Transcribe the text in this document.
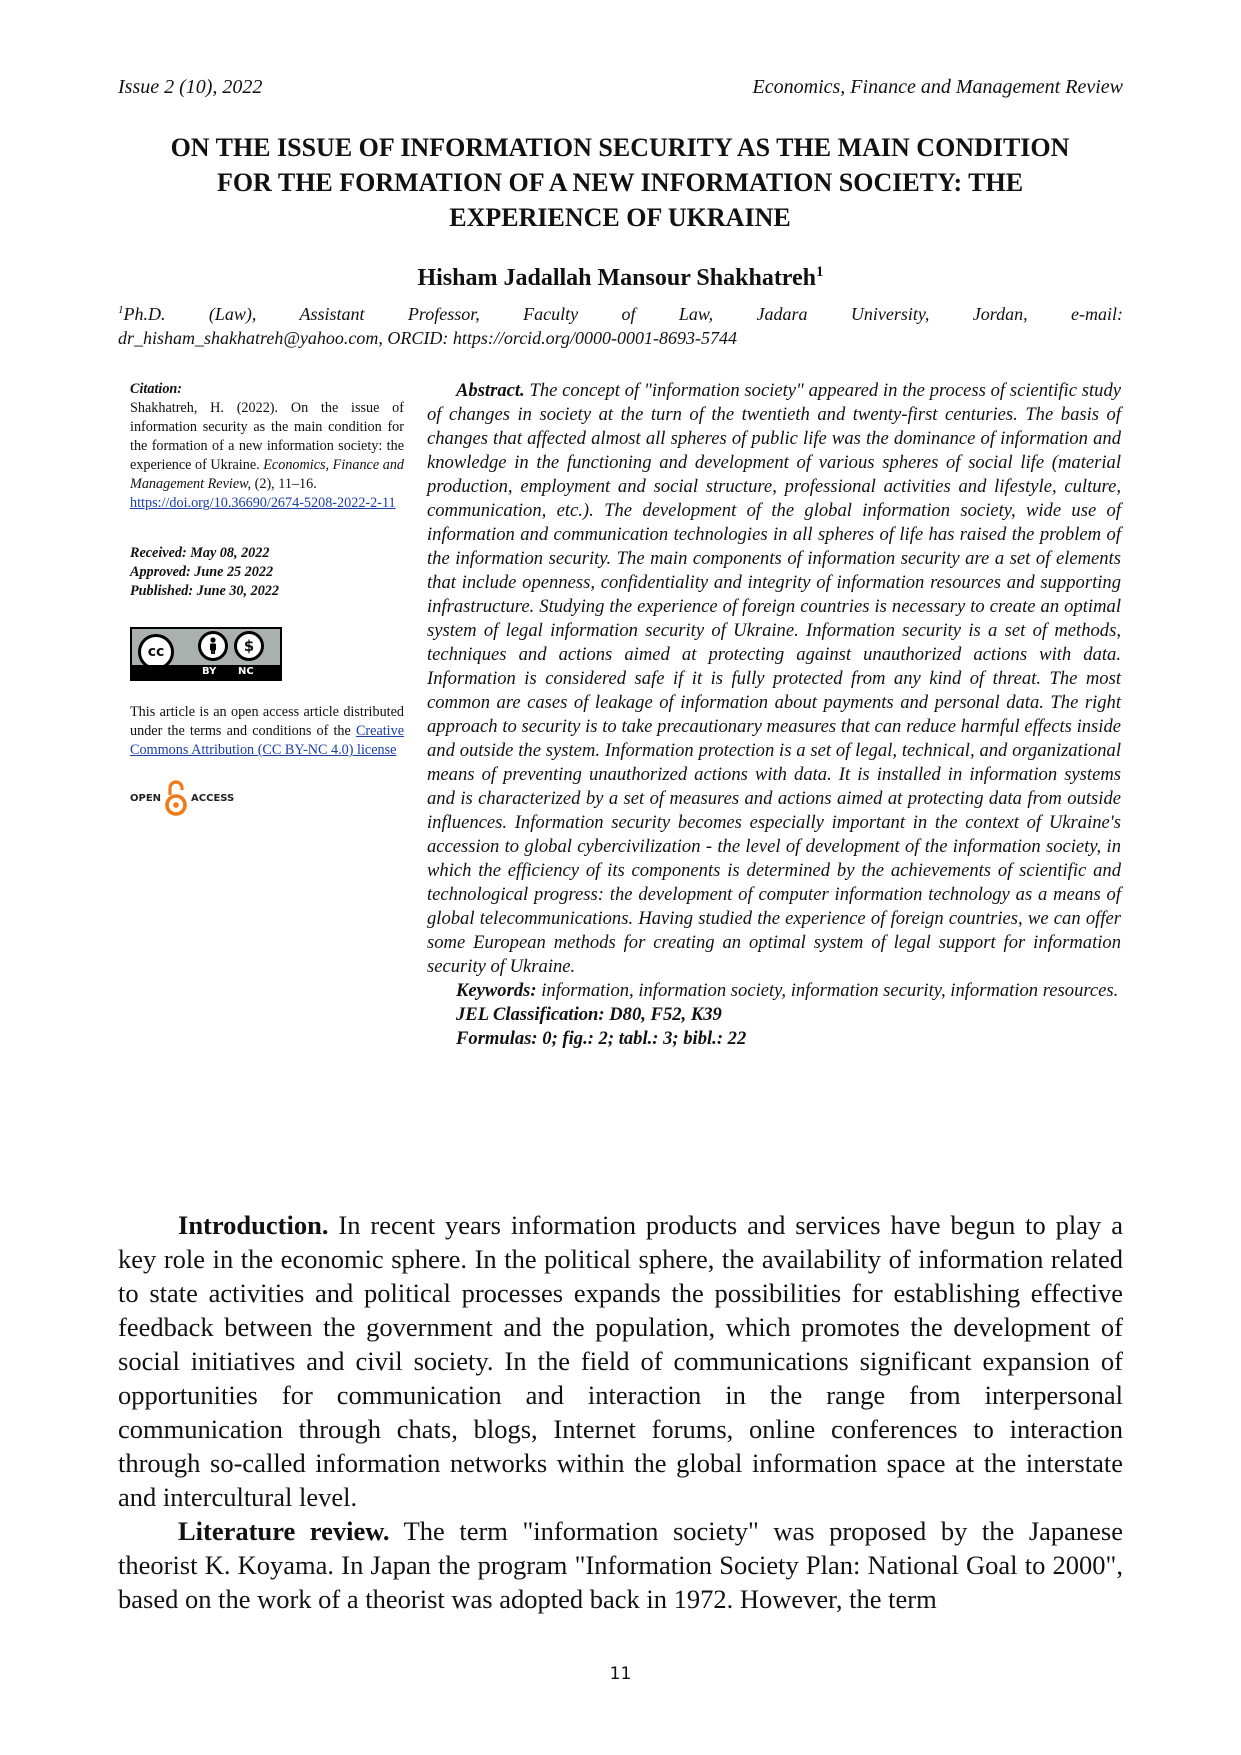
Issue 2 (10), 2022	Economics, Finance and Management Review
ON THE ISSUE OF INFORMATION SECURITY AS THE MAIN CONDITION FOR THE FORMATION OF A NEW INFORMATION SOCIETY: THE EXPERIENCE OF UKRAINE
Hisham Jadallah Mansour Shakhatreh$^1$
$^1$Ph.D. (Law), Assistant Professor, Faculty of Law, Jadara University, Jordan, e-mail:
dr_hisham_shakhatreh@yahoo.com, ORCID: https://orcid.org/0000-0001-8693-5744
Citation:
Shakhatreh, H. (2022). On the issue of information security as the main condition for the formation of a new information society: the experience of Ukraine. Economics, Finance and Management Review, (2), 11–16.
https://doi.org/10.36690/2674-5208-2022-2-11
Received: May 08, 2022
Approved: June 25 2022
Published: June 30, 2022
cc	$
BY NC
This article is an open access article distributed under the terms and conditions of the Creative Commons Attribution (CC BY-NC 4.0) license
OPEN	ACCESS

Abstract. The concept of "information society" appeared in the process of scientific study of changes in society at the turn of the twentieth and twenty-first centuries. The basis of changes that affected almost all spheres of public life was the dominance of information and knowledge in the functioning and development of various spheres of social life (material production, employment and social structure, professional activities and lifestyle, culture, communication, etc.). The development of the global information society, wide use of information and communication technologies in all spheres of life has raised the problem of the information security. The main components of information security are a set of elements that include openness, confidentiality and integrity of information resources and supporting infrastructure. Studying the experience of foreign countries is necessary to create an optimal system of legal information security of Ukraine. Information security is a set of methods, techniques and actions aimed at protecting against unauthorized actions with data. Information is considered safe if it is fully protected from any kind of threat. The most common are cases of leakage of information about payments and personal data. The right approach to security is to take precautionary measures that can reduce harmful effects inside and outside the system. Information protection is a set of legal, technical, and organizational means of preventing unauthorized actions with data. It is installed in information systems and is characterized by a set of measures and actions aimed at protecting data from outside influences. Information security becomes especially important in the context of Ukraine's accession to global cybercivilization - the level of development of the information society, in which the efficiency of its components is determined by the achievements of scientific and technological progress: the development of computer information technology as a means of global telecommunications. Having studied the experience of foreign countries, we can offer some European methods for creating an optimal system of legal support for information security of Ukraine.

Keywords: information, information society, information security, information resources.

JEL Classification: D80, F52, K39
Formulas: 0; fig.: 2; tabl.: 3; bibl.: 22

Introduction. In recent years information products and services have begun to play a key role in the economic sphere. In the political sphere, the availability of information related to state activities and political processes expands the possibilities for establishing effective feedback between the government and the population, which promotes the development of social initiatives and civil society. In the field of communications significant expansion of opportunities for communication and interaction in the range from interpersonal communication through chats, blogs, Internet forums, online conferences to interaction through so-called information networks within the global information space at the interstate and intercultural level.

Literature review. The term "information society" was proposed by the Japanese theorist K. Koyama. In Japan the program "Information Society Plan: National Goal to 2000", based on the work of a theorist was adopted back in 1972. However, the term

11
